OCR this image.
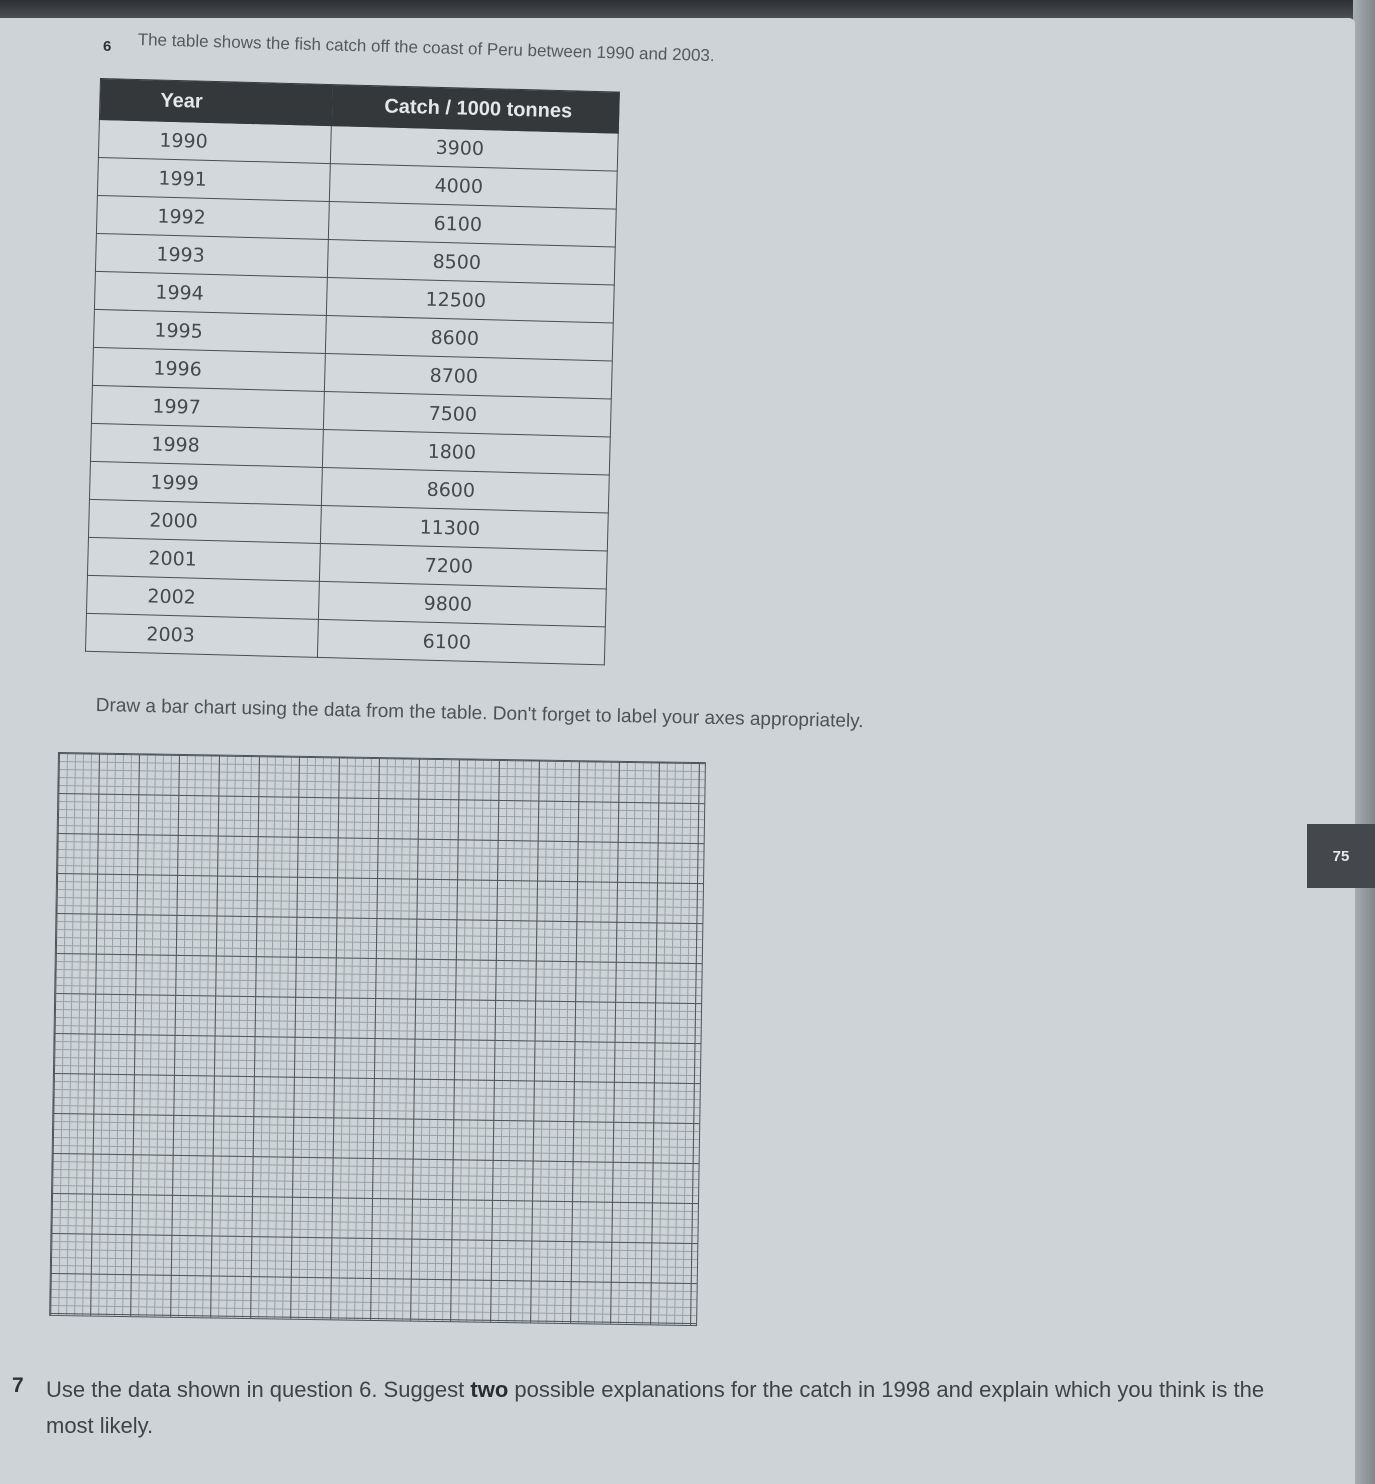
6 The table shows the fish catch off the coast of Peru between 1990 and 2003.
Year	Catch / 1000 tonnes
1990	3900
1991	4000
1992	6100
1993	8500
1994	12500
1995	8600
1996	8700
1997	7500
1998	1800
1999	8600
2000	11300
2001	7200
2002	9800
2003	6100
Draw a bar chart using the data from the table. Don't forget to label your axes appropriately.
75
7 Use the data shown in question 6. Suggest two possible explanations for the catch in 1998 and explain which you think is the most likely.
